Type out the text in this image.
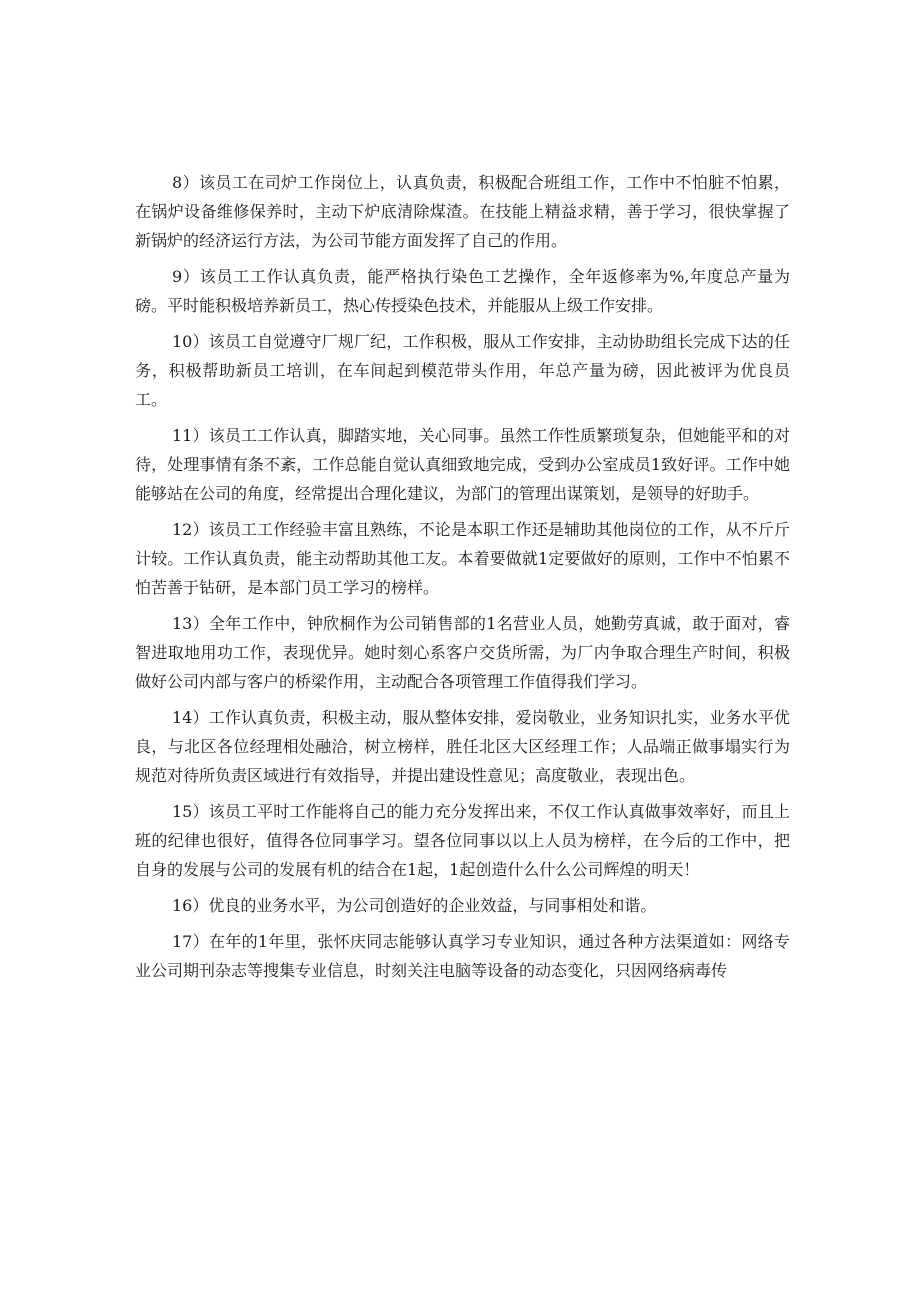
8）该员工在司炉工作岗位上，认真负责，积极配合班组工作，工作中不怕脏不怕累，在锅炉设备维修保养时，主动下炉底清除煤渣。在技能上精益求精，善于学习，很快掌握了新锅炉的经济运行方法，为公司节能方面发挥了自己的作用。

9）该员工工作认真负责，能严格执行染色工艺操作，全年返修率为%,年度总产量为磅。平时能积极培养新员工，热心传授染色技术，并能服从上级工作安排。

10）该员工自觉遵守厂规厂纪，工作积极，服从工作安排，主动协助组长完成下达的任务，积极帮助新员工培训，在车间起到模范带头作用，年总产量为磅，因此被评为优良员工。

11）该员工工作认真，脚踏实地，关心同事。虽然工作性质繁琐复杂，但她能平和的对待，处理事情有条不紊，工作总能自觉认真细致地完成，受到办公室成员1致好评。工作中她能够站在公司的角度，经常提出合理化建议，为部门的管理出谋策划，是领导的好助手。

12）该员工工作经验丰富且熟练，不论是本职工作还是辅助其他岗位的工作，从不斤斤计较。工作认真负责，能主动帮助其他工友。本着要做就1定要做好的原则，工作中不怕累不怕苦善于钻研，是本部门员工学习的榜样。

13）全年工作中，钟欣桐作为公司销售部的1名营业人员，她勤劳真诚，敢于面对，睿智进取地用功工作，表现优异。她时刻心系客户交货所需，为厂内争取合理生产时间，积极做好公司内部与客户的桥梁作用，主动配合各项管理工作值得我们学习。

14）工作认真负责，积极主动，服从整体安排，爱岗敬业，业务知识扎实，业务水平优良，与北区各位经理相处融洽，树立榜样，胜任北区大区经理工作；人品端正做事塌实行为规范对待所负责区域进行有效指导，并提出建设性意见；高度敬业，表现出色。

15）该员工平时工作能将自己的能力充分发挥出来，不仅工作认真做事效率好，而且上班的纪律也很好，值得各位同事学习。望各位同事以以上人员为榜样，在今后的工作中，把自身的发展与公司的发展有机的结合在1起，1起创造什么什么公司辉煌的明天！

16）优良的业务水平，为公司创造好的企业效益，与同事相处和谐。

17）在年的1年里，张怀庆同志能够认真学习专业知识，通过各种方法渠道如：网络专业公司期刊杂志等搜集专业信息，时刻关注电脑等设备的动态变化，只因网络病毒传
